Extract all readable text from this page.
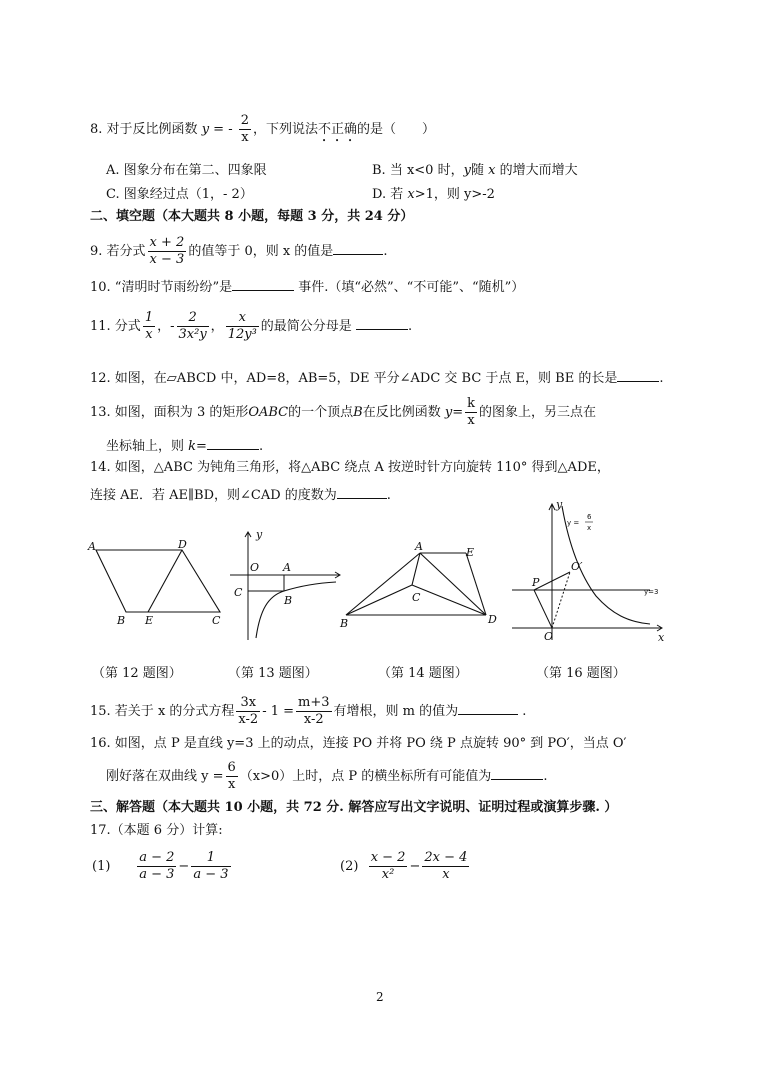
8. 对于反比例函数 y = - $\frac{2}{x}$ ，下列说法不正确的是（　　）
A. 图象分布在第二、四象限	B. 当 x<0 时，y随 x 的增大而增大
C. 图象经过点（1，- 2）	D. 若 x>1，则 y>-2
二、填空题（本大题共 8 小题，每题 3 分，共 24 分）
9. 若分式 $\frac{x + 2}{x - 3}$ 的值等于 0，则 x 的值是	.
10. “清明时节雨纷纷”是	事件.（填“必然”、“不可能”、“随机”）
11. 分式 $\frac{1}{x}$ ，- $\frac{2}{\text{3x²y}}$ ， $\frac{x}{\text{12y³}}$ 的最简公分母是	.
12. 如图，在▱ABCD 中，AD=8，AB=5，DE 平分∠ADC 交 BC 于点 E，则 BE 的长是	.
13. 如图，面积为 3 的矩形OABC的一个顶点B在反比例函数 $y= \frac{k}{x}$ 的图象上，另三点在
坐标轴上，则 k=	.
14. 如图，△ABC 为钝角三角形，将△ABC 绕点 A 按逆时针方向旋转 110° 得到△ADE，
连接 AE．若 AE∥BD，则∠CAD 的度数为	.
A	D
B E	C
（第 12 题图）
y
O A
C
B
（第 13 题图）
A	E
C
B	D
（第 14 题图）
y
y =
6
x
P
O′
y=3
O	x
（第 16 题图）
15. 若关于 x 的分式方程 $\frac{3x}{x-2} - 1 = \frac{m+3}{x-2}$ 有增根，则 m 的值为	.
16. 如图，点 P 是直线 y=3 上的动点，连接 PO 并将 PO 绕 P 点旋转 90° 到 PO′，当点 O′
刚好落在双曲线 $y = \frac{6}{x} (x>0)$上时，点 P 的横坐标所有可能值为	.
三、解答题（本大题共 10 小题，共 72 分. 解答应写出文字说明、证明过程或演算步骤. ）
17.（本题 6 分）计算:
$(1) \frac{a - 2}{a - 3} - \frac{1}{a - 3}$	$(2) \frac{x - 2}{\text{x²}} - \frac{2x - 4}{x}$
2
